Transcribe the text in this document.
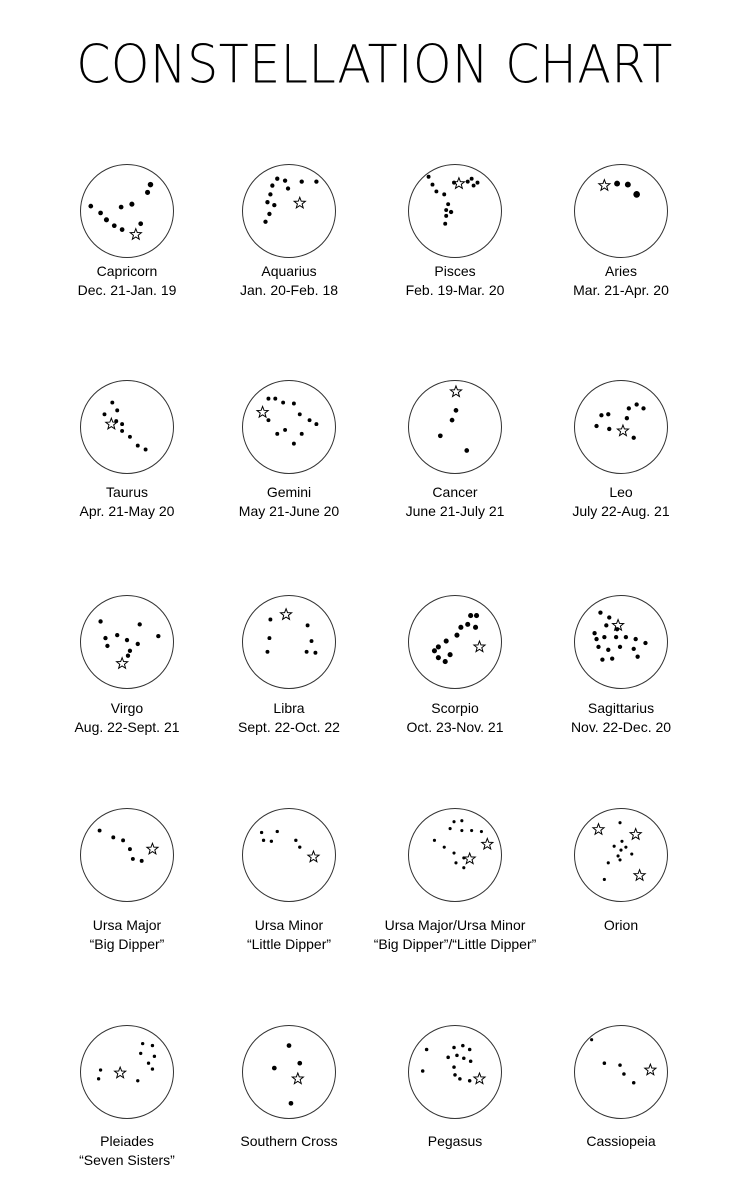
CONSTELLATION CHART
Capricorn
Dec. 21-Jan. 19
Aquarius
Jan. 20-Feb. 18
Pisces
Feb. 19-Mar. 20
Aries
Mar. 21-Apr. 20
Taurus
Apr. 21-May 20
Gemini
May 21-June 20
Cancer
June 21-July 21
Leo
July 22-Aug. 21
Virgo
Aug. 22-Sept. 21
Libra
Sept. 22-Oct. 22
Scorpio
Oct. 23-Nov. 21
Sagittarius
Nov. 22-Dec. 20
Ursa Major
“Big Dipper”
Ursa Minor
“Little Dipper”
Ursa Major/Ursa Minor
“Big Dipper”/“Little Dipper”
Orion
Pleiades
“Seven Sisters”
Southern Cross	Pegasus	Cassiopeia
